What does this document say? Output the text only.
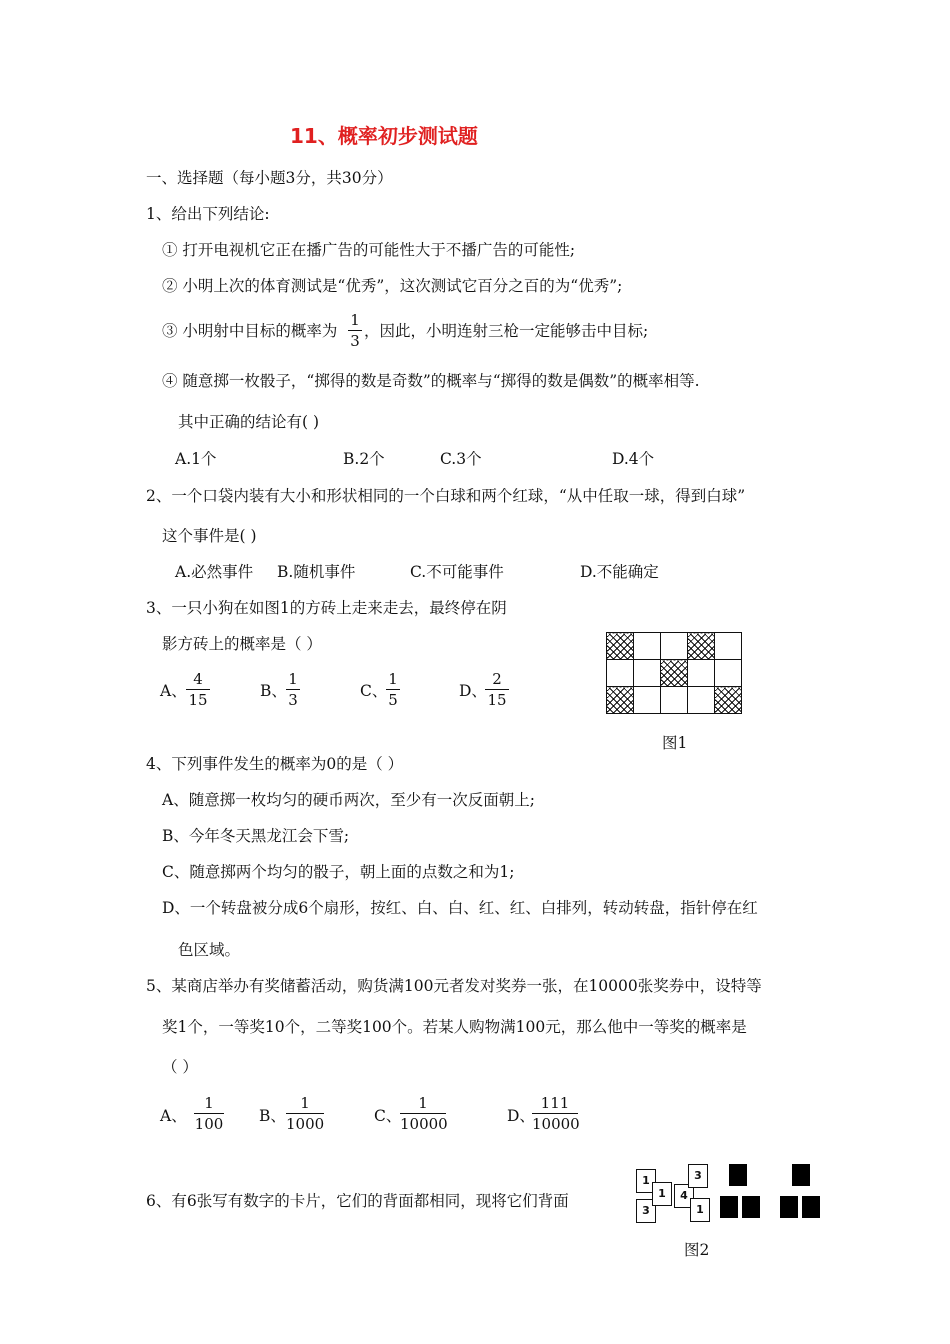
11、概率初步测试题
一、选择题（每小题3分，共30分）
1、给出下列结论:
① 打开电视机它正在播广告的可能性大于不播广告的可能性;
② 小明上次的体育测试是“优秀”，这次测试它百分之百的为“优秀”;
③ 小明射中目标的概率为
1
3
，因此，小明连射三枪一定能够击中目标;
④ 随意掷一枚骰子，“掷得的数是奇数”的概率与“掷得的数是偶数”的概率相等.
其中正确的结论有( )
A.1个	B.2个	C.3个	D.4个
2、一个口袋内装有大小和形状相同的一个白球和两个红球，“从中任取一球，得到白球”
这个事件是( )
A.必然事件 B.随机事件	C.不可能事件	D.不能确定
3、一只小狗在如图1的方砖上走来走去，最终停在阴
影方砖上的概率是（ ）
A、
4
15	B、
1
3	C、
1
5	D、
2
15

图1
4、下列事件发生的概率为0的是（ ）
A、随意掷一枚均匀的硬币两次，至少有一次反面朝上;
B、今年冬天黑龙江会下雪;
C、随意掷两个均匀的骰子，朝上面的点数之和为1;
D、一个转盘被分成6个扇形，按红、白、白、红、红、白排列，转动转盘，指针停在红
色区域。
5、某商店举办有奖储蓄活动，购货满100元者发对奖券一张，在10000张奖券中，设特等
奖1个，一等奖10个，二等奖100个。若某人购物满100元，那么他中一等奖的概率是
（ ）
A、
1
100 B、
1
1000	C、
1
10000	D、
111
10000
6、有6张写有数字的卡片，它们的背面都相同，现将它们背面
1
3
1	4
3
1
图2
